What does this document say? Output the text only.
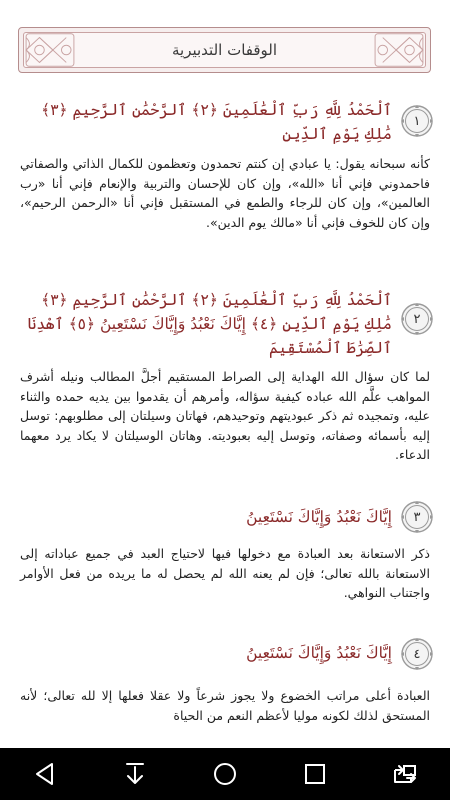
الوقفات التدبيرية
١
ٱلْحَمْدُ لِلَّهِ رَبِّ ٱلْعَٰلَمِينَ ﴿٢﴾ ٱلرَّحْمَٰنِ ٱلرَّحِيمِ ﴿٣﴾ مَٰلِكِ يَوْمِ ٱلدِّينِ
كأنه سبحانه يقول: يا عبادي إن كنتم تحمدون وتعظمون للكمال الذاتي والصفاتي فاحمدوني فإني أنا «الله»، وإن كان للإحسان والتربية والإنعام فإني أنا «رب العالمين»، وإن كان للرجاء والطمع في المستقبل فإني أنا «الرحمن الرحيم»، وإن كان للخوف فإني أنا «مالك يوم الدين».
٢
ٱلْحَمْدُ لِلَّهِ رَبِّ ٱلْعَٰلَمِينَ ﴿٢﴾ ٱلرَّحْمَٰنِ ٱلرَّحِيمِ ﴿٣﴾ مَٰلِكِ يَوْمِ ٱلدِّينِ ﴿٤﴾ إِيَّاكَ نَعْبُدُ وَإِيَّاكَ نَسْتَعِينُ ﴿٥﴾ ٱهْدِنَا ٱلصِّرَٰطَ ٱلْمُسْتَقِيمَ
لما كان سؤال الله الهداية إلى الصراط المستقيم أجلَّ المطالب ونيله أشرف المواهب علَّم الله عباده كيفية سؤاله، وأمرهم أن يقدموا بين يديه حمده والثناء عليه، وتمجيده ثم ذكر عبوديتهم وتوحيدهم، فهاتان وسيلتان إلى مطلوبهم: توسل إليه بأسمائه وصفاته، وتوسل إليه بعبوديته. وهاتان الوسيلتان لا يكاد يرد معهما الدعاء.
٣
إِيَّاكَ نَعْبُدُ وَإِيَّاكَ نَسْتَعِينُ
ذكر الاستعانة بعد العبادة مع دخولها فيها لاحتياج العبد في جميع عباداته إلى الاستعانة بالله تعالى؛ فإن لم يعنه الله لم يحصل له ما يريده من فعل الأوامر واجتناب النواهي.
٤
إِيَّاكَ نَعْبُدُ وَإِيَّاكَ نَسْتَعِينُ
العبادة أعلى مراتب الخضوع ولا يجوز شرعاً ولا عقلا فعلها إلا لله تعالى؛ لأنه المستحق لذلك لكونه موليا لأعظم النعم من الحياة
